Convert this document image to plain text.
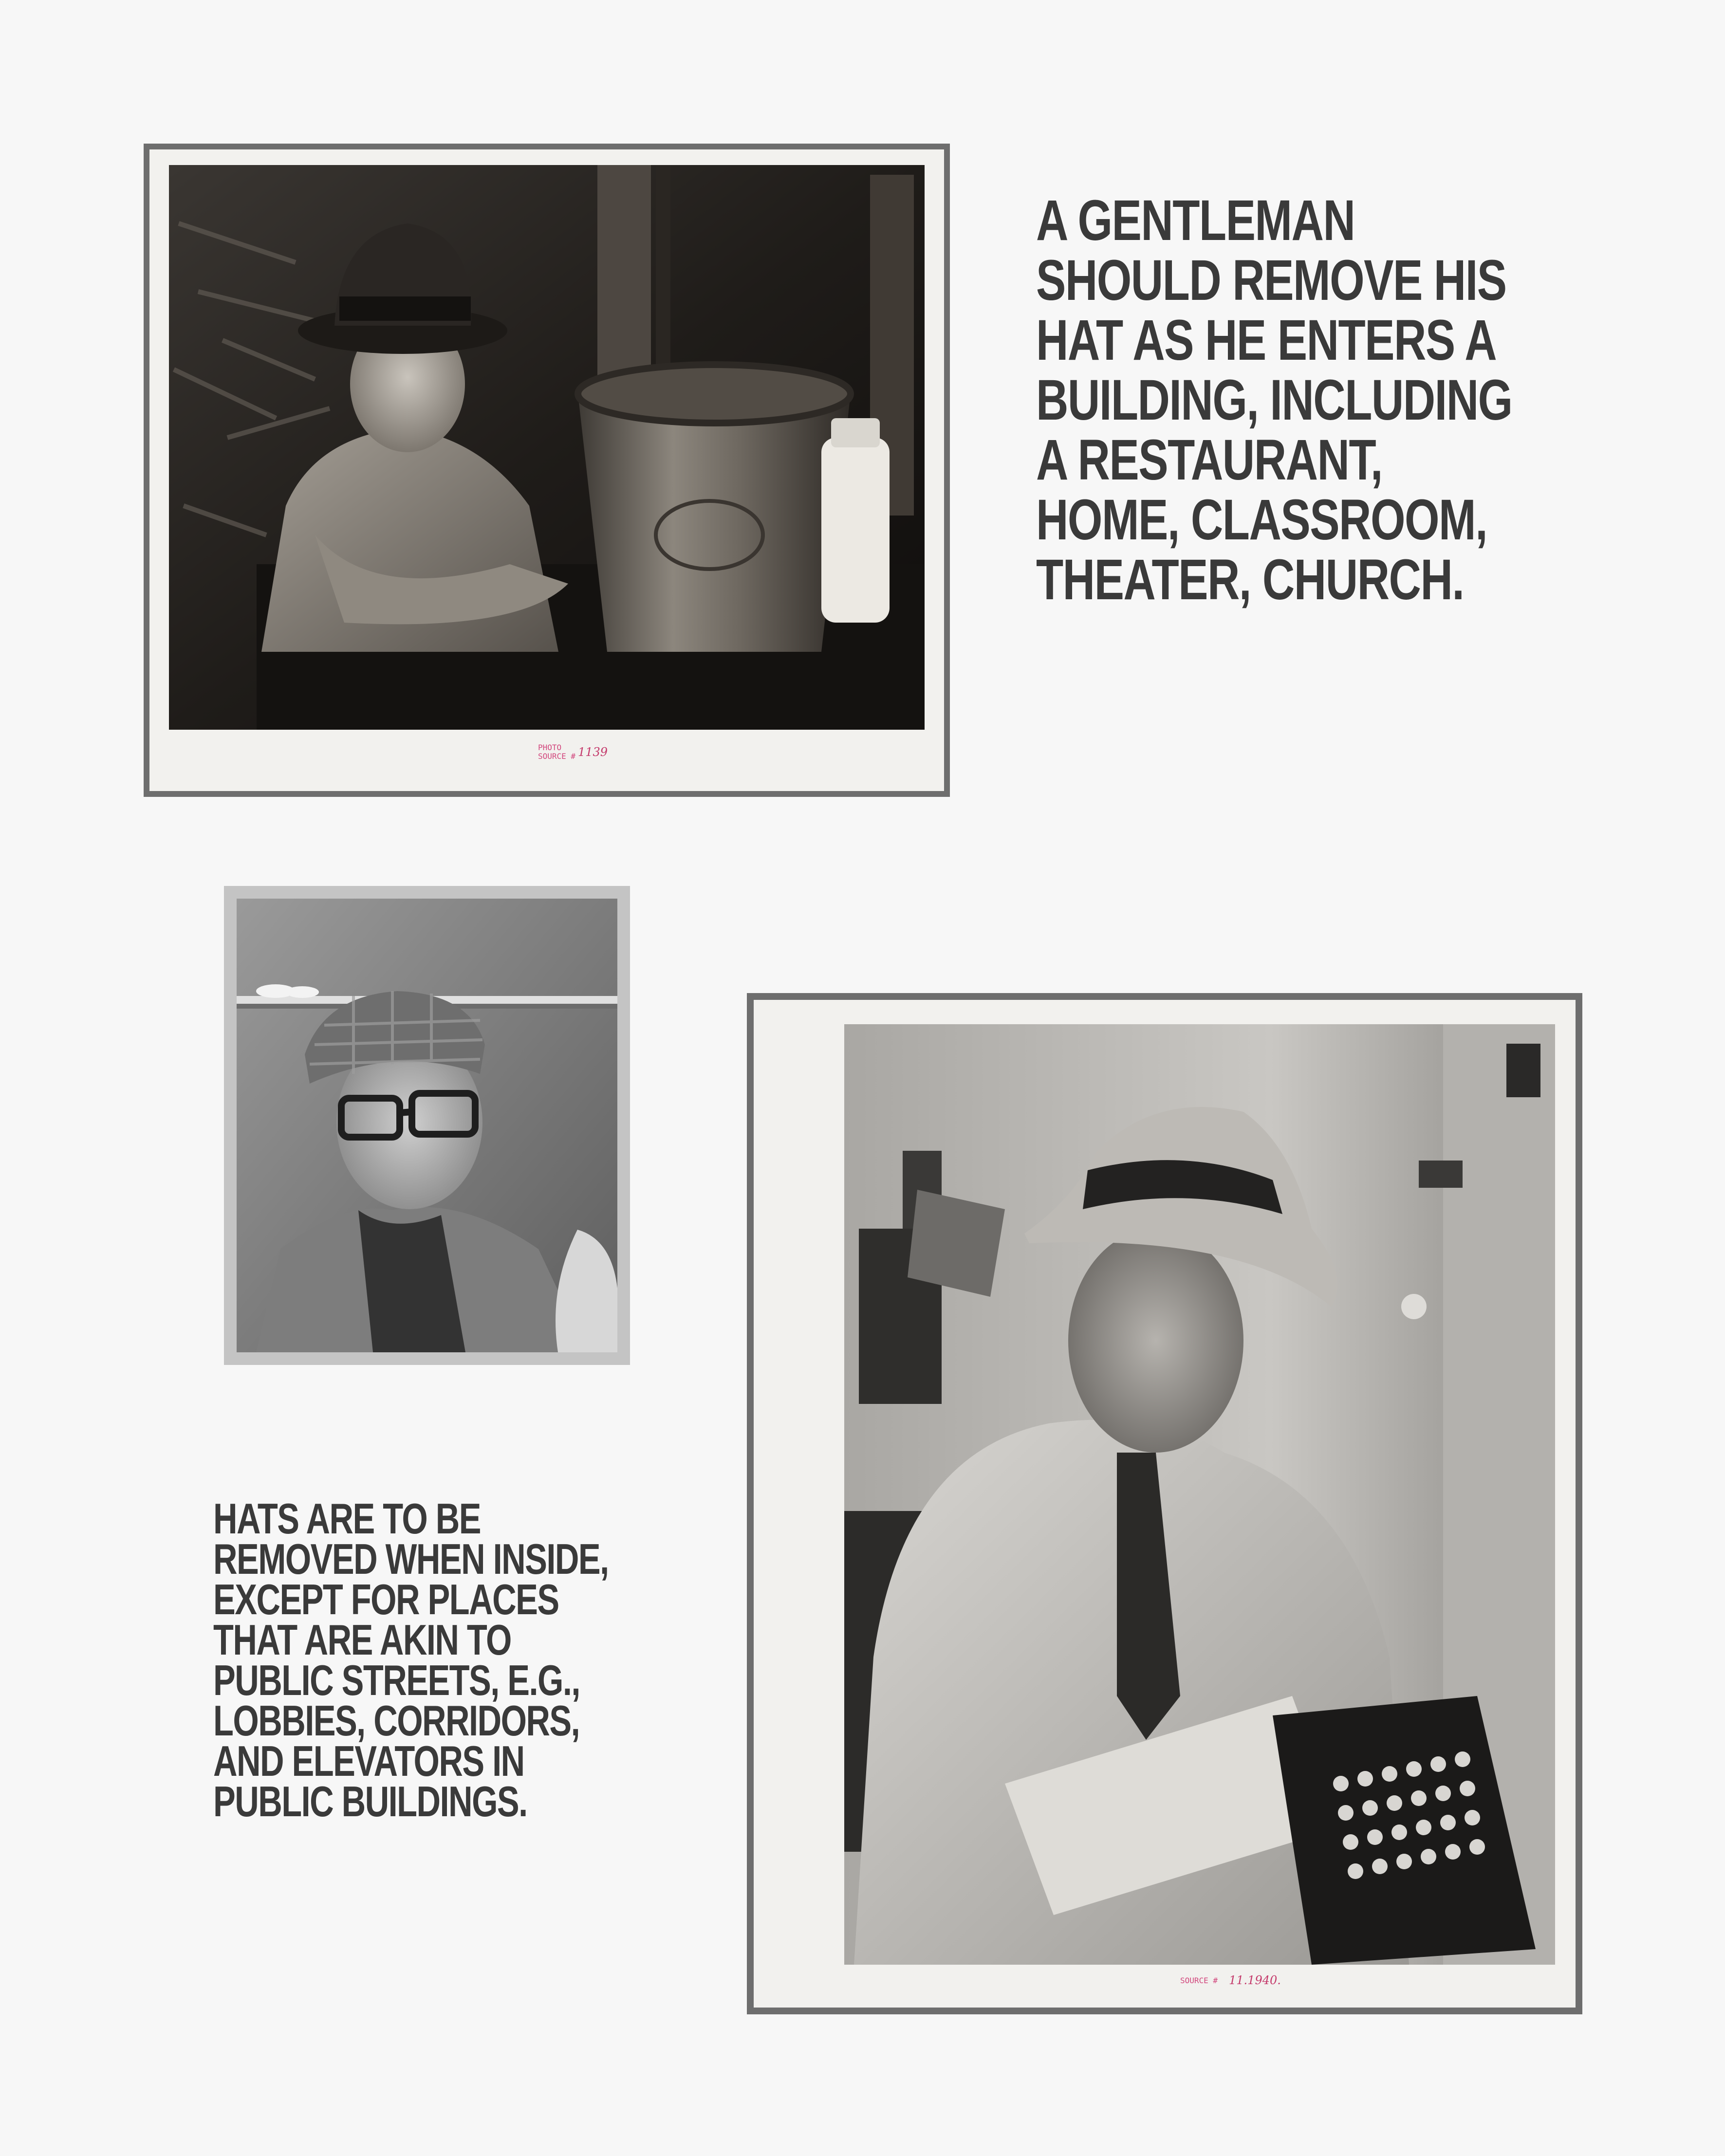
PHOTO
SOURCE # 1139

A GENTLEMAN
SHOULD REMOVE HIS
HAT AS HE ENTERS A
BUILDING, INCLUDING
A RESTAURANT,
HOME, CLASSROOM,
THEATER, CHURCH.

HATS ARE TO BE
REMOVED WHEN INSIDE,
EXCEPT FOR PLACES
THAT ARE AKIN TO
PUBLIC STREETS, E.G.,
LOBBIES, CORRIDORS,
AND ELEVATORS IN
PUBLIC BUILDINGS.

SOURCE # 11.1940.
